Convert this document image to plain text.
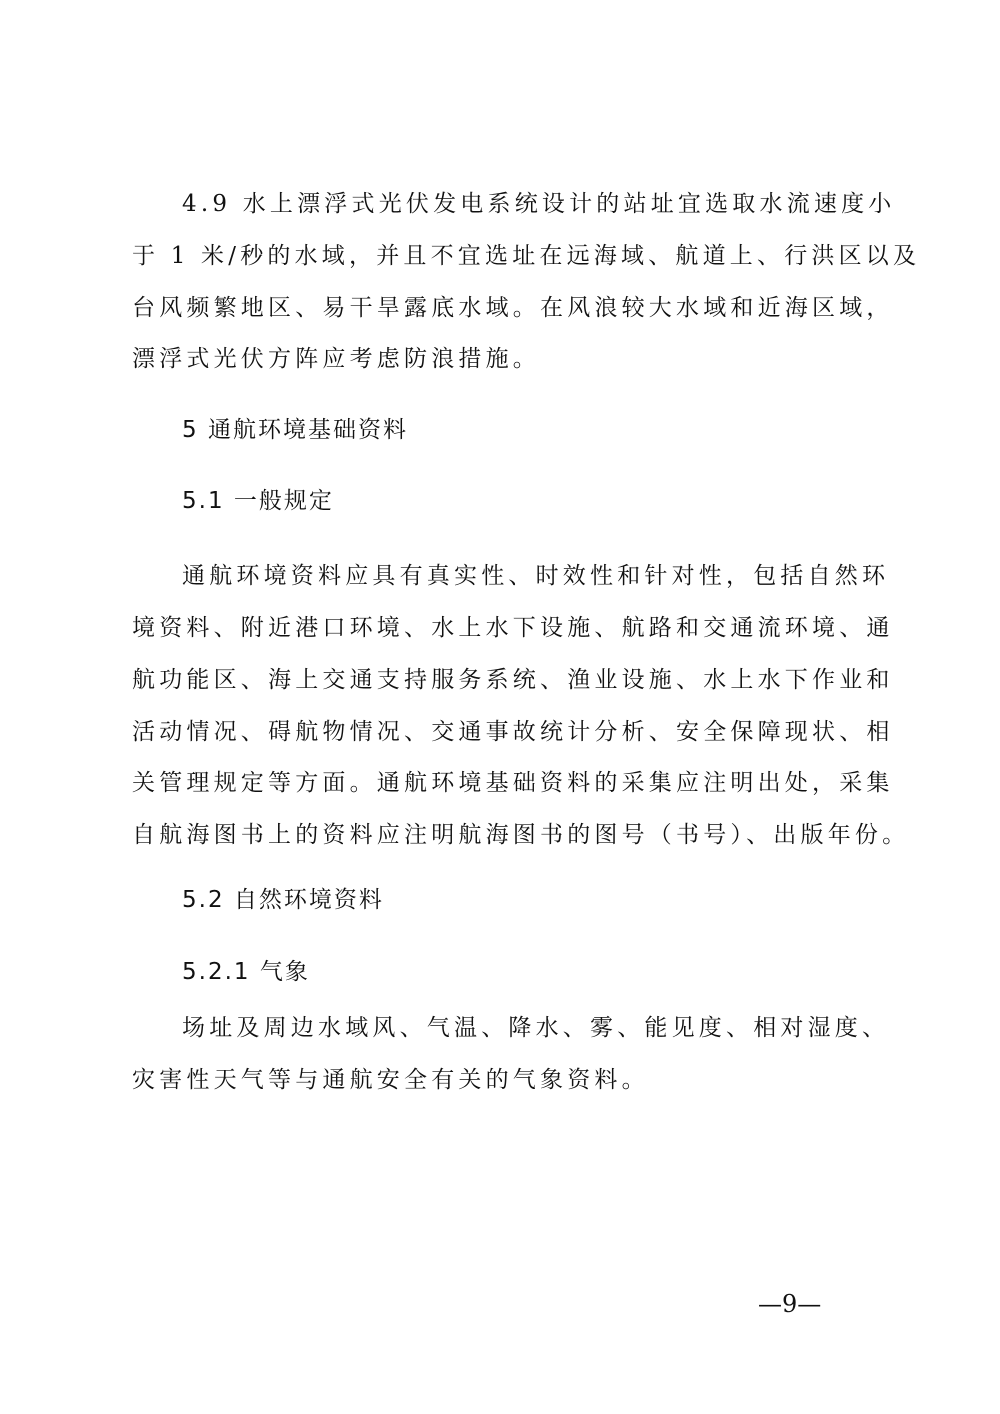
4.9 水上漂浮式光伏发电系统设计的站址宜选取水流速度小
于 1 米/秒的水域，并且不宜选址在远海域、航道上、行洪区以及
台风频繁地区、易干旱露底水域。在风浪较大水域和近海区域，
漂浮式光伏方阵应考虑防浪措施。
5 通航环境基础资料
5.1 一般规定
通航环境资料应具有真实性、时效性和针对性，包括自然环
境资料、附近港口环境、水上水下设施、航路和交通流环境、通
航功能区、海上交通支持服务系统、渔业设施、水上水下作业和
活动情况、碍航物情况、交通事故统计分析、安全保障现状、相
关管理规定等方面。通航环境基础资料的采集应注明出处，采集
自航海图书上的资料应注明航海图书的图号（书号）、出版年份。
5.2 自然环境资料
5.2.1 气象
场址及周边水域风、气温、降水、雾、能见度、相对湿度、
灾害性天气等与通航安全有关的气象资料。
—9—
